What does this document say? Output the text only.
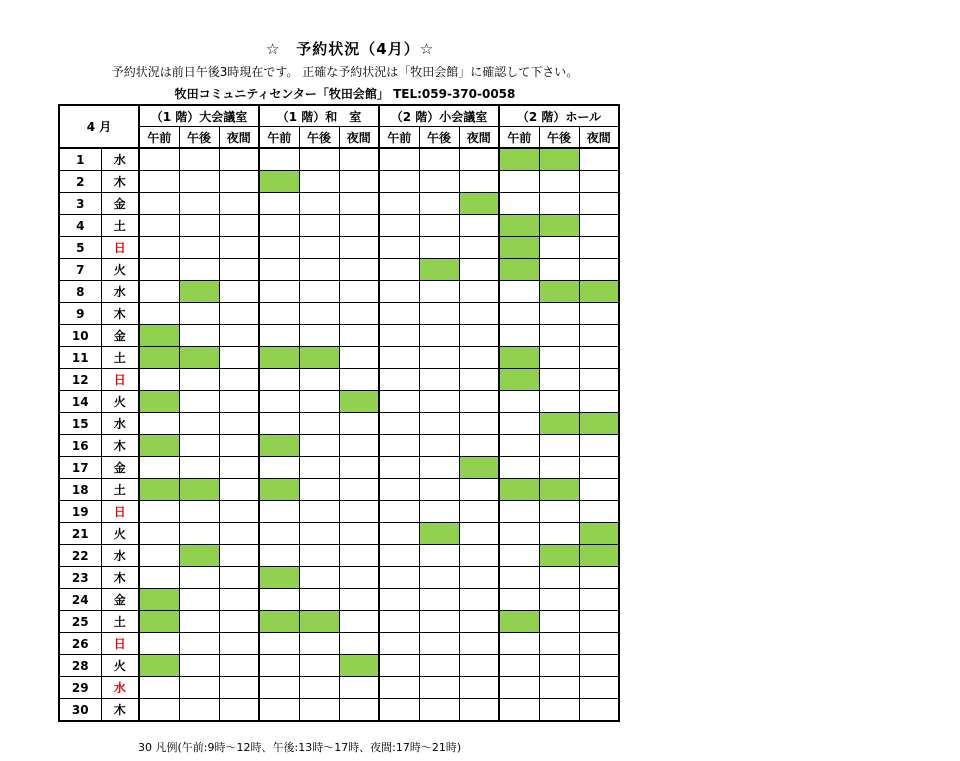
☆　予約状況（4月）☆
予約状況は前日午後3時現在です。 正確な予約状況は「牧田会館」に確認して下さい。
牧田コミュニティセンター「牧田会館」 TEL:059-370-0058
4 月		（1 階）大会議室			（1 階）和　室			（2 階）小会議室			（2 階）ホール		
		午前	午後	夜間	午前	午後	夜間	午前	午後	夜間	午前	午後	夜間
1	水												
2	木												
3	金												
4	土												
5	日												
7	火												
8	水												
9	木												
10	金												
11	土												
12	日												
14	火												
15	水												
16	木												
17	金												
18	土												
19	日												
21	火												
22	水												
23	木												
24	金												
25	土												
26	日												
28	火												
29	水												
30	木												
30 凡例(午前:9時～12時、午後:13時～17時、夜間:17時～21時)
